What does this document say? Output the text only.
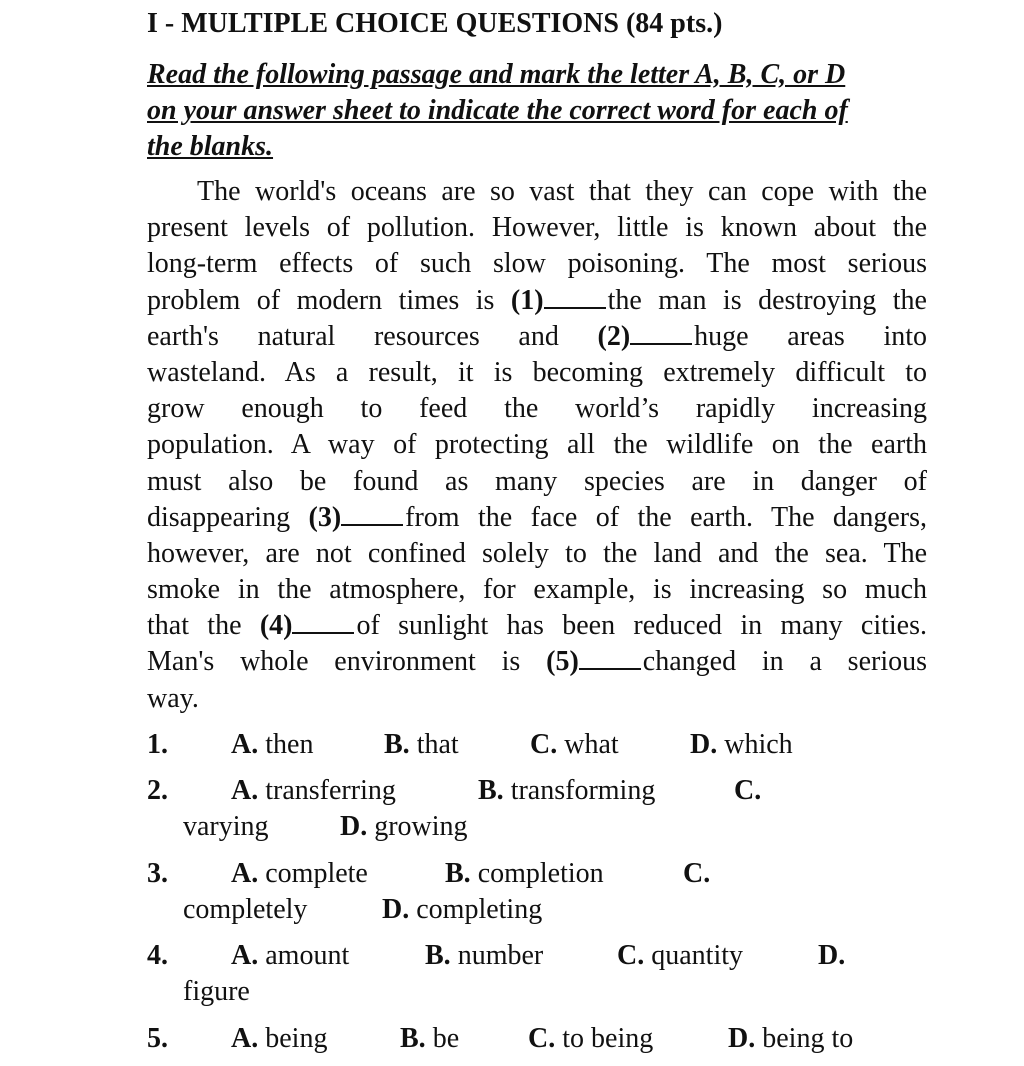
I - MULTIPLE CHOICE QUESTIONS (84 pts.)

Read the following passage and mark the letter A, B, C, or D
on your answer sheet to indicate the correct word for each of
the blanks.

The world's oceans are so vast that they can cope with the
present levels of pollution. However, little is known about the
long-term effects of such slow poisoning. The most serious
problem of modern times is (1) the man is destroying the
earth's natural resources and (2) huge areas into
wasteland. As a result, it is becoming extremely difficult to
grow enough to feed the world’s rapidly increasing
population. A way of protecting all the wildlife on the earth
must also be found as many species are in danger of
disappearing (3) from the face of the earth. The dangers,
however, are not confined solely to the land and the sea. The
smoke in the atmosphere, for example, is increasing so much
that the (4) of sunlight has been reduced in many cities.
Man's whole environment is (5) changed in a serious
way.
1. A. then	B. that	C. what	D. which
2. A. transferring	B. transforming	C.
varying	D. growing
3. A. complete	B. completion	C.
completely	D. completing
4. A. amount	B. number	C. quantity	D.
figure
5. A. being	B. be C. to being	D. being to
